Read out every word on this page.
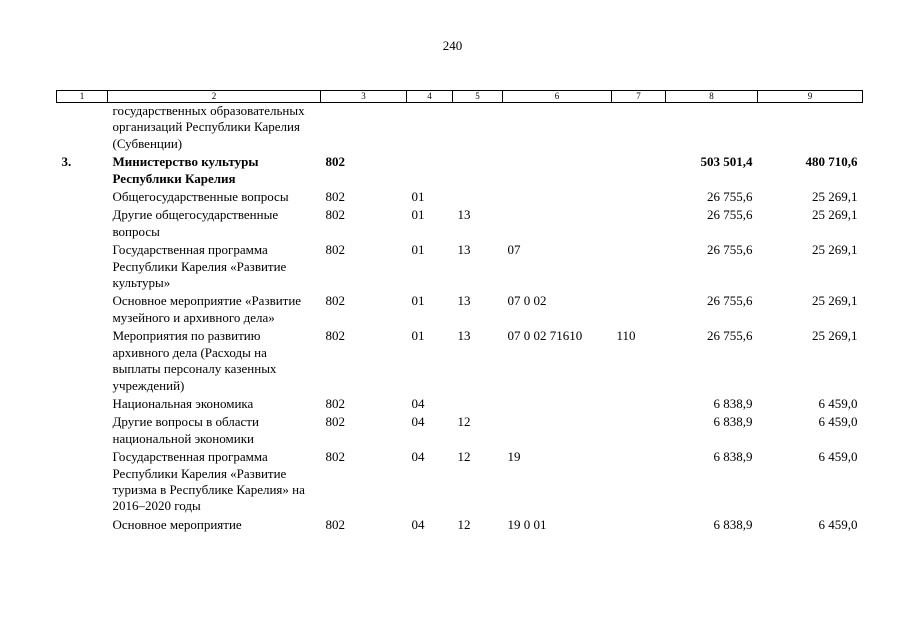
240
1	2	3	4	5	6	7	8	9
	государственных образовательных организаций Республики Карелия (Субвенции)							
3.	Министерство культуры Республики Карелия	802					503 501,4	480 710,6
	Общегосударственные вопросы	802	01				26 755,6	25 269,1
	Другие общегосударственные вопросы	802	01	13			26 755,6	25 269,1
	Государственная программа Республики Карелия «Развитие культуры»	802	01	13	07		26 755,6	25 269,1
	Основное мероприятие «Развитие музейного и архивного дела»	802	01	13	07 0 02		26 755,6	25 269,1
	Мероприятия по развитию архивного дела (Расходы на выплаты персоналу казенных учреждений)	802	01	13	07 0 02 71610	110	26 755,6	25 269,1
	Национальная экономика	802	04				6 838,9	6 459,0
	Другие вопросы в области национальной экономики	802	04	12			6 838,9	6 459,0
	Государственная программа Республики Карелия «Развитие туризма в Республике Карелия» на 2016–2020 годы	802	04	12	19		6 838,9	6 459,0
	Основное мероприятие	802	04	12	19 0 01		6 838,9	6 459,0
